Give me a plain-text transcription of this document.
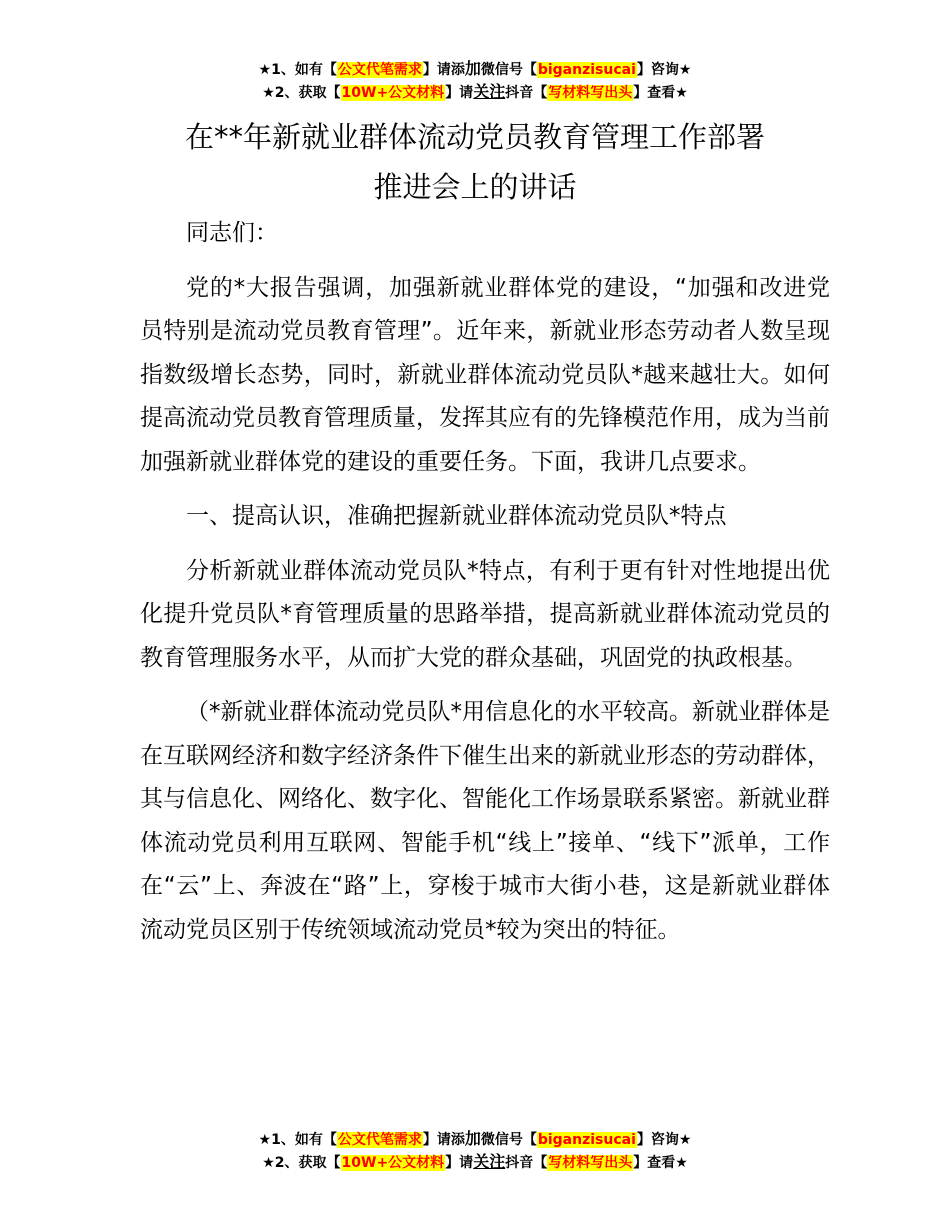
★1、如有【公文代笔需求】请添加微信号【biganzisucai】咨询★
★2、获取【10W+公文材料】请关注抖音【写材料写出头】查看★
在**年新就业群体流动党员教育管理工作部署
推进会上的讲话

同志们：

党的*大报告强调，加强新就业群体党的建设，“加强和改进党员特别是流动党员教育管理”。近年来，新就业形态劳动者人数呈现指数级增长态势，同时，新就业群体流动党员队*越来越壮大。如何提高流动党员教育管理质量，发挥其应有的先锋模范作用，成为当前加强新就业群体党的建设的重要任务。下面，我讲几点要求。

一、提高认识，准确把握新就业群体流动党员队*特点

分析新就业群体流动党员队*特点，有利于更有针对性地提出优化提升党员队*育管理质量的思路举措，提高新就业群体流动党员的教育管理服务水平，从而扩大党的群众基础，巩固党的执政根基。

（*新就业群体流动党员队*用信息化的水平较高。新就业群体是在互联网经济和数字经济条件下催生出来的新就业形态的劳动群体，其与信息化、网络化、数字化、智能化工作场景联系紧密。新就业群体流动党员利用互联网、智能手机“线上”接单、“线下”派单，工作在“云”上、奔波在“路”上，穿梭于城市大街小巷，这是新就业群体流动党员区别于传统领域流动党员*较为突出的特征。

★1、如有【公文代笔需求】请添加微信号【biganzisucai】咨询★
★2、获取【10W+公文材料】请关注抖音【写材料写出头】查看★
